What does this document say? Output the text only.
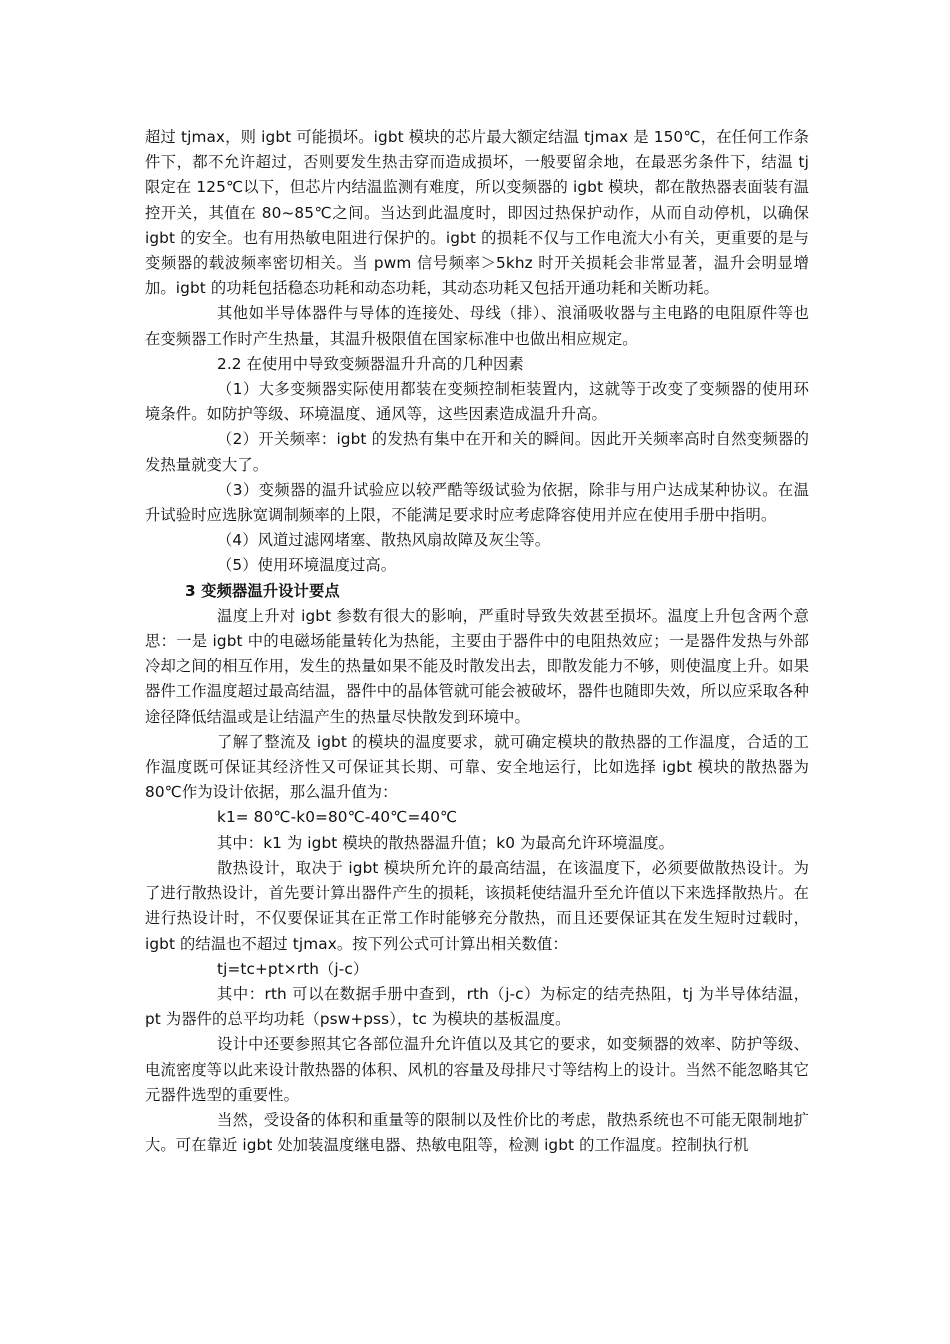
超过 tjmax，则 igbt 可能损坏。igbt 模块的芯片最大额定结温 tjmax 是 150℃，在任何工作条件下，都不允许超过，否则要发生热击穿而造成损坏，一般要留余地，在最恶劣条件下，结温 tj 限定在 125℃以下，但芯片内结温监测有难度，所以变频器的 igbt 模块，都在散热器表面装有温控开关，其值在 80~85℃之间。当达到此温度时，即因过热保护动作，从而自动停机，以确保 igbt 的安全。也有用热敏电阻进行保护的。igbt 的损耗不仅与工作电流大小有关，更重要的是与变频器的载波频率密切相关。当 pwm 信号频率＞5khz 时开关损耗会非常显著，温升会明显增加。igbt 的功耗包括稳态功耗和动态功耗，其动态功耗又包括开通功耗和关断功耗。

其他如半导体器件与导体的连接处、母线（排）、浪涌吸收器与主电路的电阻原件等也在变频器工作时产生热量，其温升极限值在国家标准中也做出相应规定。

2.2 在使用中导致变频器温升升高的几种因素

（1）大多变频器实际使用都装在变频控制柜装置内，这就等于改变了变频器的使用环境条件。如防护等级、环境温度、通风等，这些因素造成温升升高。

（2）开关频率：igbt 的发热有集中在开和关的瞬间。因此开关频率高时自然变频器的发热量就变大了。

（3）变频器的温升试验应以较严酷等级试验为依据，除非与用户达成某种协议。在温升试验时应选脉宽调制频率的上限，不能满足要求时应考虑降容使用并应在使用手册中指明。

（4）风道过滤网堵塞、散热风扇故障及灰尘等。

（5）使用环境温度过高。

3 变频器温升设计要点

温度上升对 igbt 参数有很大的影响，严重时导致失效甚至损坏。温度上升包含两个意思：一是 igbt 中的电磁场能量转化为热能，主要由于器件中的电阻热效应；一是器件发热与外部冷却之间的相互作用，发生的热量如果不能及时散发出去，即散发能力不够，则使温度上升。如果器件工作温度超过最高结温，器件中的晶体管就可能会被破坏，器件也随即失效，所以应采取各种途径降低结温或是让结温产生的热量尽快散发到环境中。

了解了整流及 igbt 的模块的温度要求，就可确定模块的散热器的工作温度，合适的工作温度既可保证其经济性又可保证其长期、可靠、安全地运行，比如选择 igbt 模块的散热器为 80℃作为设计依据，那么温升值为：

k1= 80℃-k0=80℃-40℃=40℃

其中：k1 为 igbt 模块的散热器温升值；k0 为最高允许环境温度。

散热设计，取决于 igbt 模块所允许的最高结温，在该温度下，必须要做散热设计。为了进行散热设计，首先要计算出器件产生的损耗，该损耗使结温升至允许值以下来选择散热片。在进行热设计时，不仅要保证其在正常工作时能够充分散热，而且还要保证其在发生短时过载时，igbt 的结温也不超过 tjmax。按下列公式可计算出相关数值：

tj=tc+pt×rth（j-c）

其中：rth 可以在数据手册中查到，rth（j-c）为标定的结壳热阻，tj 为半导体结温，pt 为器件的总平均功耗（psw+pss），tc 为模块的基板温度。

设计中还要参照其它各部位温升允许值以及其它的要求，如变频器的效率、防护等级、电流密度等以此来设计散热器的体积、风机的容量及母排尺寸等结构上的设计。当然不能忽略其它元器件选型的重要性。

当然，受设备的体积和重量等的限制以及性价比的考虑，散热系统也不可能无限制地扩大。可在靠近 igbt 处加装温度继电器、热敏电阻等，检测 igbt 的工作温度。控制执行机
